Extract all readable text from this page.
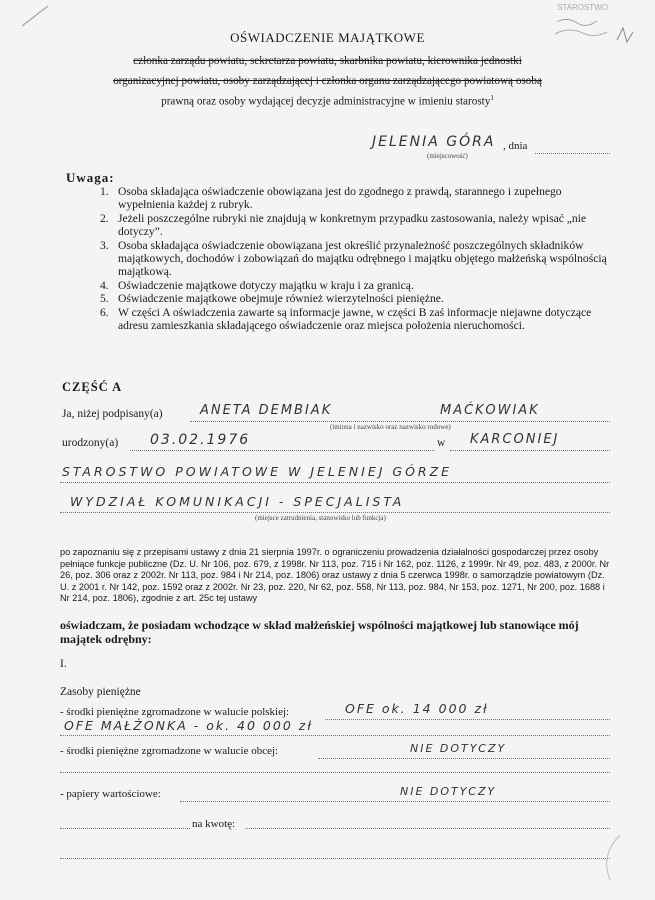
STAROSTWO
OŚWIADCZENIE MAJĄTKOWE
członka zarządu powiatu, sekretarza powiatu, skarbnika powiatu, kierownika jednostki
organizacyjnej powiatu, osoby zarządzającej i członka organu zarządzającego powiatową osobą
prawną oraz osoby wydającej decyzje administracyjne w imieniu starosty$^1$
JELENIA GÓRA , dnia
(miejscowość)
Uwaga:
1. Osoba składająca oświadczenie obowiązana jest do zgodnego z prawdą, starannego i zupełnego wypełnienia każdej z rubryk.
2. Jeżeli poszczególne rubryki nie znajdują w konkretnym przypadku zastosowania, należy wpisać „nie dotyczy”.
3. Osoba składająca oświadczenie obowiązana jest określić przynależność poszczególnych składników majątkowych, dochodów i zobowiązań do majątku odrębnego i majątku objętego małżeńską wspólnością majątkową.
4. Oświadczenie majątkowe dotyczy majątku w kraju i za granicą.
5. Oświadczenie majątkowe obejmuje również wierzytelności pieniężne.
6. W części A oświadczenia zawarte są informacje jawne, w części B zaś informacje niejawne dotyczące adresu zamieszkania składającego oświadczenie oraz miejsca położenia nieruchomości.
CZĘŚĆ A
Ja, niżej podpisany(a)	ANETA DEMBIAK	MAĆKOWIAK
(imiona i nazwisko oraz nazwisko rodowe)
urodzony(a) 03.02.1976	w KARCONIEJ
STAROSTWO POWIATOWE W JELENIEJ GÓRZE
WYDZIAŁ KOMUNIKACJI - SPECJALISTA
(miejsce zatrudnienia, stanowisko lub funkcja)
po zapoznaniu się z przepisami ustawy z dnia 21 sierpnia 1997r. o ograniczeniu prowadzenia działalności gospodarczej przez osoby pełniące funkcje publiczne (Dz. U. Nr 106, poz. 679, z 1998r. Nr 113, poz. 715 i Nr 162, poz. 1126, z 1999r. Nr 49, poz. 483, z 2000r. Nr 26, poz. 306 oraz z 2002r. Nr 113, poz. 984 i Nr 214, poz. 1806) oraz ustawy z dnia 5 czerwca 1998r. o samorządzie powiatowym (Dz. U. z 2001 r. Nr 142, poz. 1592 oraz z 2002r. Nr 23, poz. 220, Nr 62, poz. 558, Nr 113, poz. 984, Nr 153, poz. 1271, Nr 200, poz. 1688 i Nr 214, poz. 1806), zgodnie z art. 25c tej ustawy
oświadczam, że posiadam wchodzące w skład małżeńskiej wspólności majątkowej lub stanowiące mój majątek odrębny:
I.
Zasoby pieniężne
- środki pieniężne zgromadzone w walucie polskiej:	OFE ok. 14 000 zł
OFE MAŁŻONKA - ok. 40 000 zł
- środki pieniężne zgromadzone w walucie obcej:	NIE DOTYCZY
- papiery wartościowe:	NIE DOTYCZY
na kwotę:
